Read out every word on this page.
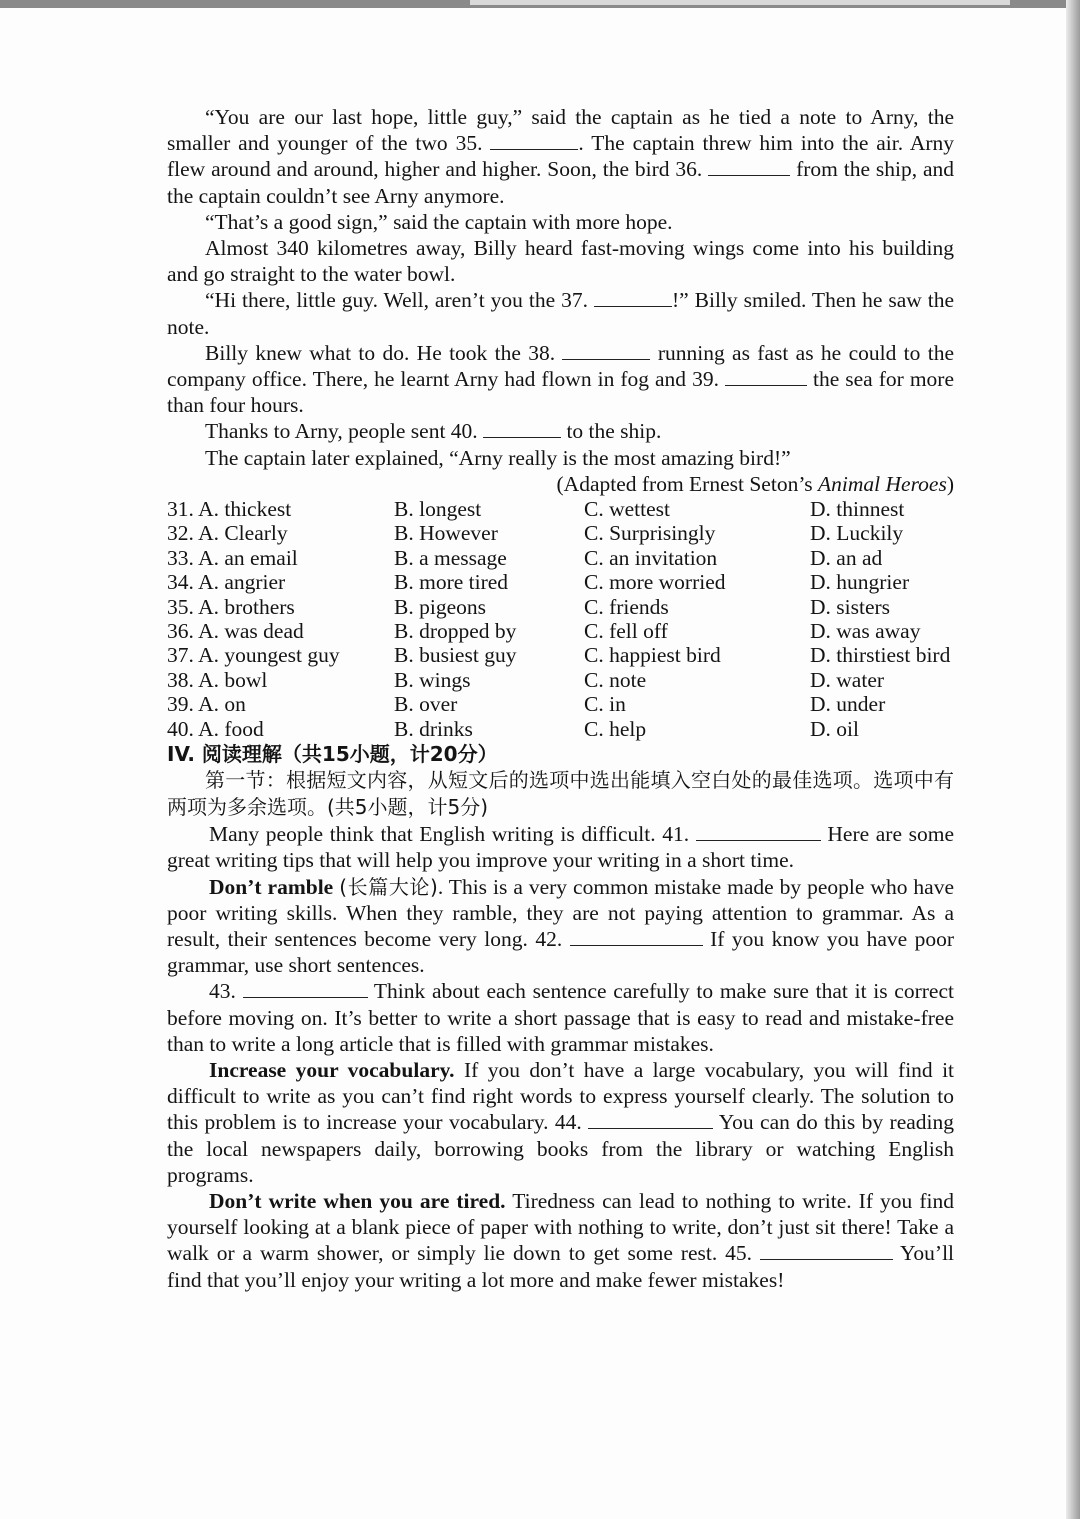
“You are our last hope, little guy,” said the captain as he tied a note to Arny, the smaller and younger of the two 35.	. The captain threw him into the air. Arny flew around and around, higher and higher. Soon, the bird 36.	from the ship, and the captain couldn’t see Arny anymore.

“That’s a good sign,” said the captain with more hope.

Almost 340 kilometres away, Billy heard fast-moving wings come into his building and go straight to the water bowl.

“Hi there, little guy. Well, aren’t you the 37.	!” Billy smiled. Then he saw the note.

Billy knew what to do. He took the 38.	running as fast as he could to the company office. There, he learnt Arny had flown in fog and 39.	the sea for more than four hours.

Thanks to Arny, people sent 40.	to the ship.

The captain later explained, “Arny really is the most amazing bird!”

(Adapted from Ernest Seton’s Animal Heroes)

31. A. thickest	B. longest	C. wettest	D. thinnest
32. A. Clearly	B. However	C. Surprisingly	D. Luckily
33. A. an email	B. a message	C. an invitation	D. an ad
34. A. angrier	B. more tired	C. more worried	D. hungrier
35. A. brothers	B. pigeons	C. friends	D. sisters
36. A. was dead	B. dropped by	C. fell off	D. was away
37. A. youngest guy	B. busiest guy	C. happiest bird	D. thirstiest bird
38. A. bowl	B. wings	C. note	D. water
39. A. on	B. over	C. in	D. under
40. A. food	B. drinks	C. help	D. oil

IV. 阅读理解（共15小题，计20分）

第一节：根据短文内容，从短文后的选项中选出能填入空白处的最佳选项。选项中有两项为多余选项。(共5小题，计5分)

Many people think that English writing is difficult. 41.	Here are some great writing tips that will help you improve your writing in a short time.

Don’t ramble (长篇大论). This is a very common mistake made by people who have poor writing skills. When they ramble, they are not paying attention to grammar. As a result, their sentences become very long. 42.	If you know you have poor grammar, use short sentences.

43.	Think about each sentence carefully to make sure that it is correct before moving on. It’s better to write a short passage that is easy to read and mistake-free than to write a long article that is filled with grammar mistakes.

Increase your vocabulary. If you don’t have a large vocabulary, you will find it difficult to write as you can’t find right words to express yourself clearly. The solution to this problem is to increase your vocabulary. 44.	You can do this by reading the local newspapers daily, borrowing books from the library or watching English programs.

Don’t write when you are tired. Tiredness can lead to nothing to write. If you find yourself looking at a blank piece of paper with nothing to write, don’t just sit there! Take a walk or a warm shower, or simply lie down to get some rest. 45.	You’ll find that you’ll enjoy your writing a lot more and make fewer mistakes!
